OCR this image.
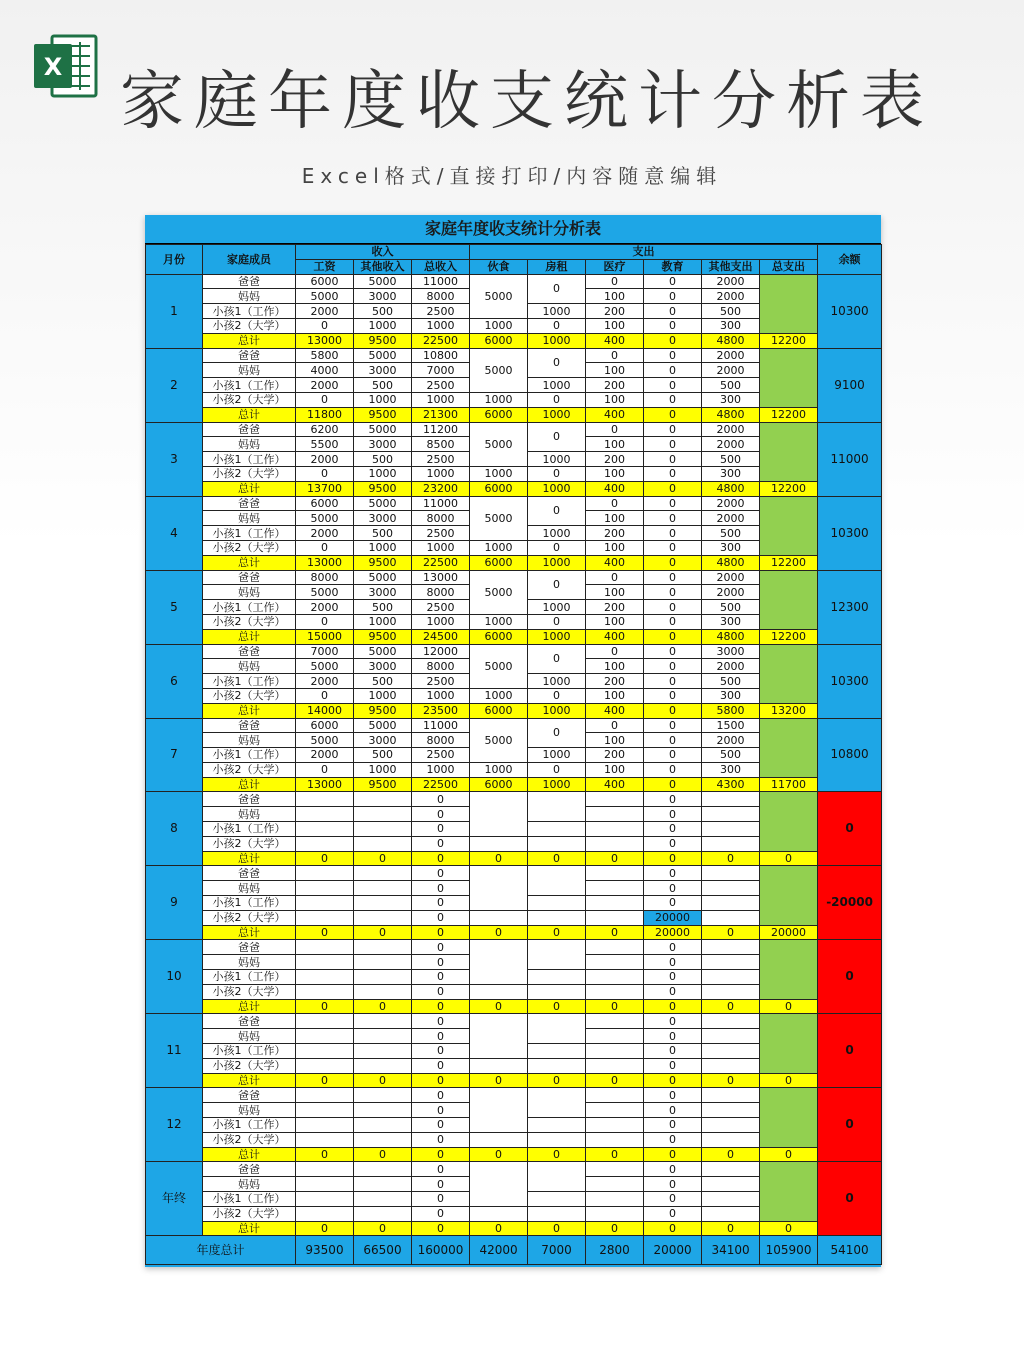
X 家庭年度收支统计分析表
Excel格式/直接打印/内容随意编辑
家庭年度收支统计分析表
月份	家庭成员	收入			支出						余额
		工资	其他收入	总收入	伙食	房租	医疗	教育	其他支出	总支出	
1	爸爸	6000	5000	11000	5000	0	0	0	2000		10300
	妈妈	5000	3000	8000			100	0	2000		
	小孩1（工作）	2000	500	2500		1000	200	0	500		
	小孩2（大学）	0	1000	1000	1000	0	100	0	300		
	总计	13000	9500	22500	6000	1000	400	0	4800	12200	
2	爸爸	5800	5000	10800	5000	0	0	0	2000		9100
	妈妈	4000	3000	7000			100	0	2000		
	小孩1（工作）	2000	500	2500		1000	200	0	500		
	小孩2（大学）	0	1000	1000	1000	0	100	0	300		
	总计	11800	9500	21300	6000	1000	400	0	4800	12200	
3	爸爸	6200	5000	11200	5000	0	0	0	2000		11000
	妈妈	5500	3000	8500			100	0	2000		
	小孩1（工作）	2000	500	2500		1000	200	0	500		
	小孩2（大学）	0	1000	1000	1000	0	100	0	300		
	总计	13700	9500	23200	6000	1000	400	0	4800	12200	
4	爸爸	6000	5000	11000	5000	0	0	0	2000		10300
	妈妈	5000	3000	8000			100	0	2000		
	小孩1（工作）	2000	500	2500		1000	200	0	500		
	小孩2（大学）	0	1000	1000	1000	0	100	0	300		
	总计	13000	9500	22500	6000	1000	400	0	4800	12200	
5	爸爸	8000	5000	13000	5000	0	0	0	2000		12300
	妈妈	5000	3000	8000			100	0	2000		
	小孩1（工作）	2000	500	2500		1000	200	0	500		
	小孩2（大学）	0	1000	1000	1000	0	100	0	300		
	总计	15000	9500	24500	6000	1000	400	0	4800	12200	
6	爸爸	7000	5000	12000	5000	0	0	0	3000		10300
	妈妈	5000	3000	8000			100	0	2000		
	小孩1（工作）	2000	500	2500		1000	200	0	500		
	小孩2（大学）	0	1000	1000	1000	0	100	0	300		
	总计	14000	9500	23500	6000	1000	400	0	5800	13200	
7	爸爸	6000	5000	11000	5000	0	0	0	1500		10800
	妈妈	5000	3000	8000			100	0	2000		
	小孩1（工作）	2000	500	2500		1000	200	0	500		
	小孩2（大学）	0	1000	1000	1000	0	100	0	300		
	总计	13000	9500	22500	6000	1000	400	0	4300	11700	
8	爸爸			0				0			0
	妈妈			0				0			
	小孩1（工作）			0				0			
	小孩2（大学）			0				0			
	总计	0	0	0	0	0	0	0	0	0	
9	爸爸			0				0			-20000
	妈妈			0				0			
	小孩1（工作）			0				0			
	小孩2（大学）			0				20000			
	总计	0	0	0	0	0	0	20000	0	20000	
10	爸爸			0				0			0
	妈妈			0				0			
	小孩1（工作）			0				0			
	小孩2（大学）			0				0			
	总计	0	0	0	0	0	0	0	0	0	
11	爸爸			0				0			0
	妈妈			0				0			
	小孩1（工作）			0				0			
	小孩2（大学）			0				0			
	总计	0	0	0	0	0	0	0	0	0	
12	爸爸			0				0			0
	妈妈			0				0			
	小孩1（工作）			0				0			
	小孩2（大学）			0				0			
	总计	0	0	0	0	0	0	0	0	0	
年终	爸爸			0				0			0
	妈妈			0				0			
	小孩1（工作）			0				0			
	小孩2（大学）			0				0			
	总计	0	0	0	0	0	0	0	0	0	
年度总计		93500	66500	160000	42000	7000	2800	20000	34100	105900	54100
